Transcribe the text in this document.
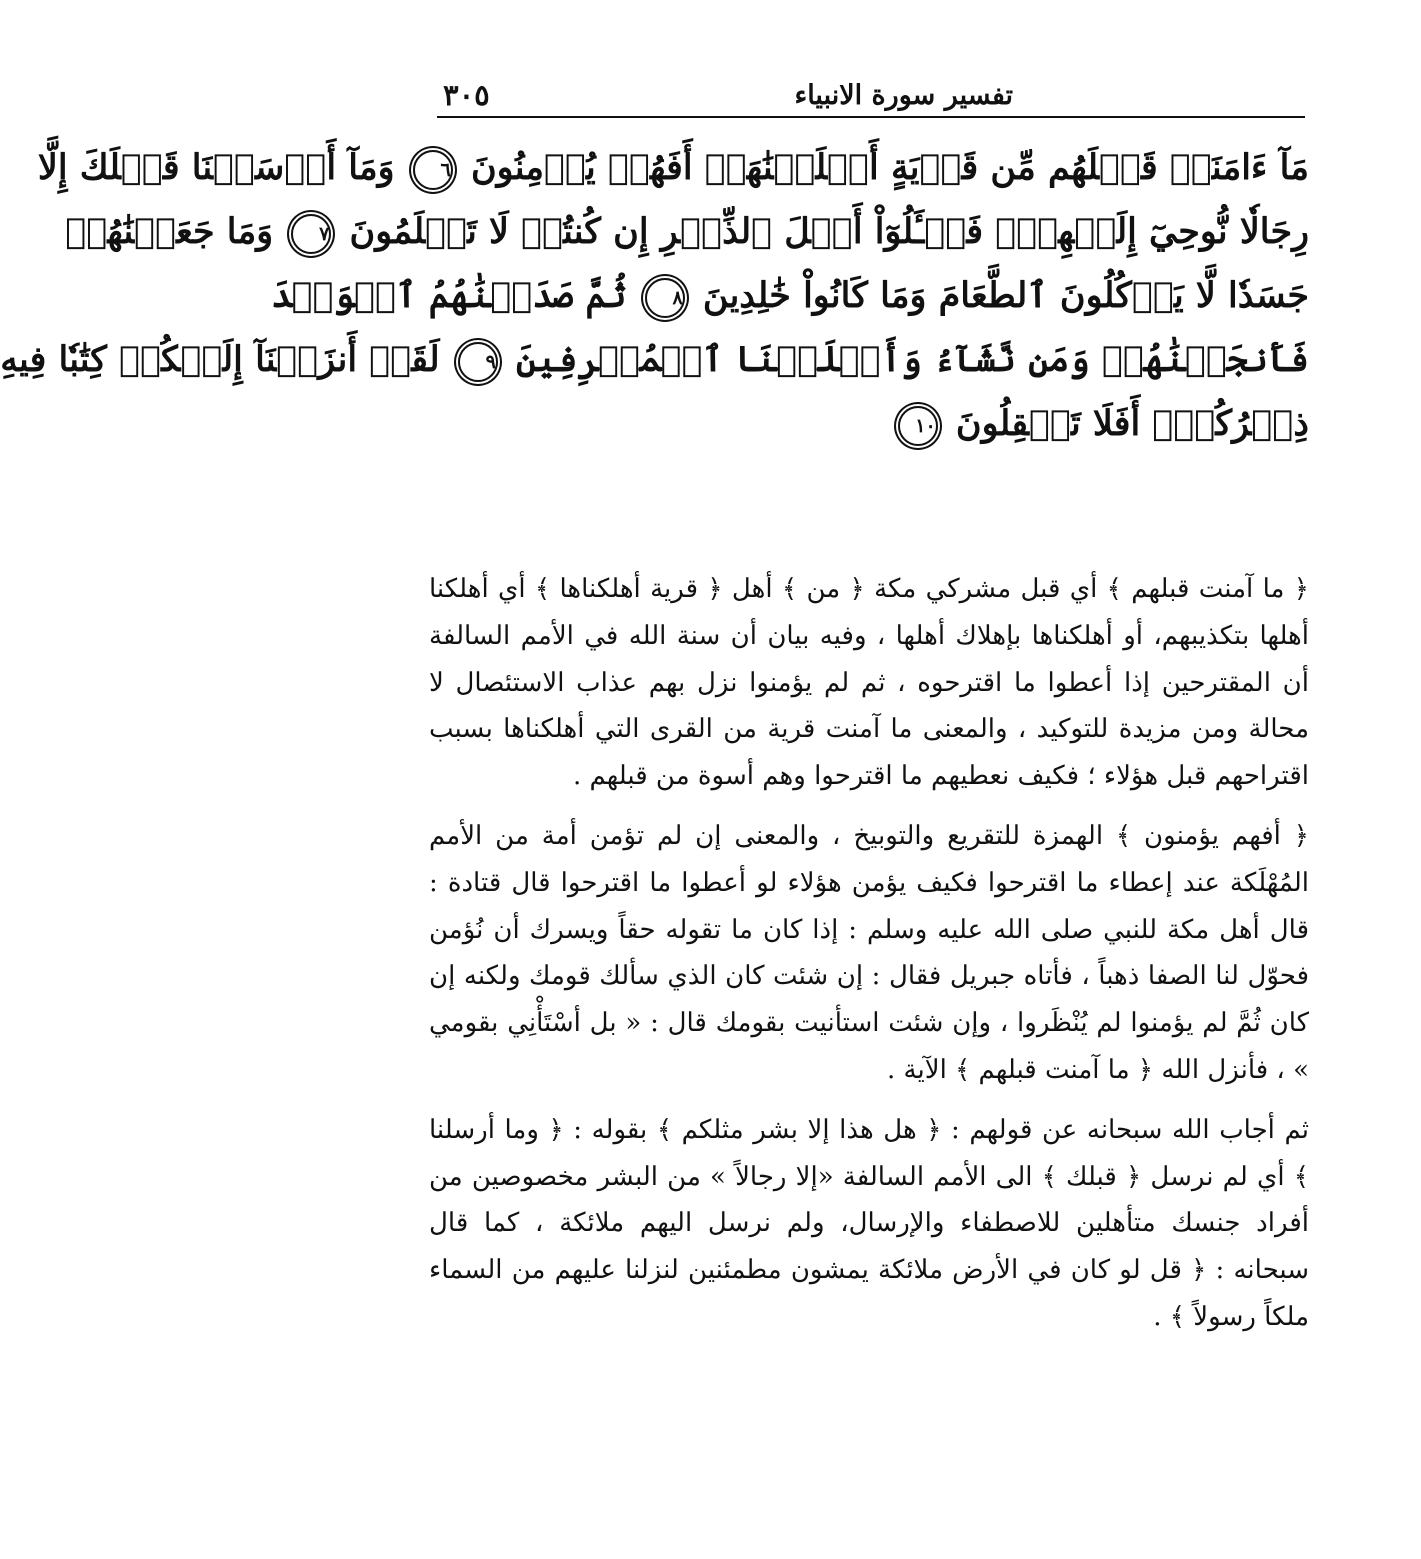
تفسير سورة الانبياء
٣٠٥
مَآ ءَامَنَتۡ قَبۡلَهُم مِّن قَرۡيَةٍ أَهۡلَكۡنَٰهَآۖ أَفَهُمۡ يُؤۡمِنُونَ ٦ وَمَآ أَرۡسَلۡنَا قَبۡلَكَ إِلَّا
رِجَالٗا نُّوحِيٓ إِلَيۡهِمۡۖ فَسۡـَٔلُوٓاْ أَهۡلَ ٱلذِّكۡرِ إِن كُنتُمۡ لَا تَعۡلَمُونَ ٧ وَمَا جَعَلۡنَٰهُمۡ
جَسَدٗا لَّا يَأۡكُلُونَ ٱلطَّعَامَ وَمَا كَانُواْ خَٰلِدِينَ ٨ ثُمَّ صَدَقۡنَٰهُمُ ٱلۡوَعۡدَ
فَأَنجَيۡنَٰهُمۡ وَمَن نَّشَآءُ وَأَهۡلَكۡنَا ٱلۡمُسۡرِفِينَ ٩ لَقَدۡ أَنزَلۡنَآ إِلَيۡكُمۡ كِتَٰبٗا فِيهِ
ذِكۡرُكُمۡۚ أَفَلَا تَعۡقِلُونَ ١٠

﴿ ما آمنت قبلهم ﴾ أي قبل مشركي مكة ﴿ من ﴾ أهل ﴿ قرية أهلكناها ﴾ أي أهلكنا أهلها بتكذيبهم، أو أهلكناها بإهلاك أهلها ، وفيه بيان أن سنة الله في الأمم السالفة أن المقترحين إذا أعطوا ما اقترحوه ، ثم لم يؤمنوا نزل بهم عذاب الاستئصال لا محالة ومن مزيدة للتوكيد ، والمعنى ما آمنت قرية من القرى التي أهلكناها بسبب اقتراحهم قبل هؤلاء ؛ فكيف نعطيهم ما اقترحوا وهم أسوة من قبلهم .

﴿ أفهم يؤمنون ﴾ الهمزة للتقريع والتوبيخ ، والمعنى إن لم تؤمن أمة من الأمم المُهْلَكة عند إعطاء ما اقترحوا فكيف يؤمن هؤلاء لو أعطوا ما اقترحوا قال قتادة : قال أهل مكة للنبي صلى الله عليه وسلم : إذا كان ما تقوله حقاً ويسرك أن نُؤمن فحوّل لنا الصفا ذهباً ، فأتاه جبريل فقال : إن شئت كان الذي سألك قومك ولكنه إن كان ثُمَّ لم يؤمنوا لم يُنْظَروا ، وإن شئت استأنيت بقومك قال : « بل أسْتَأْنِي بقومي » ، فأنزل الله ﴿ ما آمنت قبلهم ﴾ الآية .

ثم أجاب الله سبحانه عن قولهم : ﴿ هل هذا إلا بشر مثلكم ﴾ بقوله : ﴿ وما أرسلنا ﴾ أي لم نرسل ﴿ قبلك ﴾ الى الأمم السالفة «إلا رجالاً » من البشر مخصوصين من أفراد جنسك متأهلين للاصطفاء والإرسال، ولم نرسل اليهم ملائكة ، كما قال سبحانه : ﴿ قل لو كان في الأرض ملائكة يمشون مطمئنين لنزلنا عليهم من السماء ملكاً رسولاً ﴾ .
